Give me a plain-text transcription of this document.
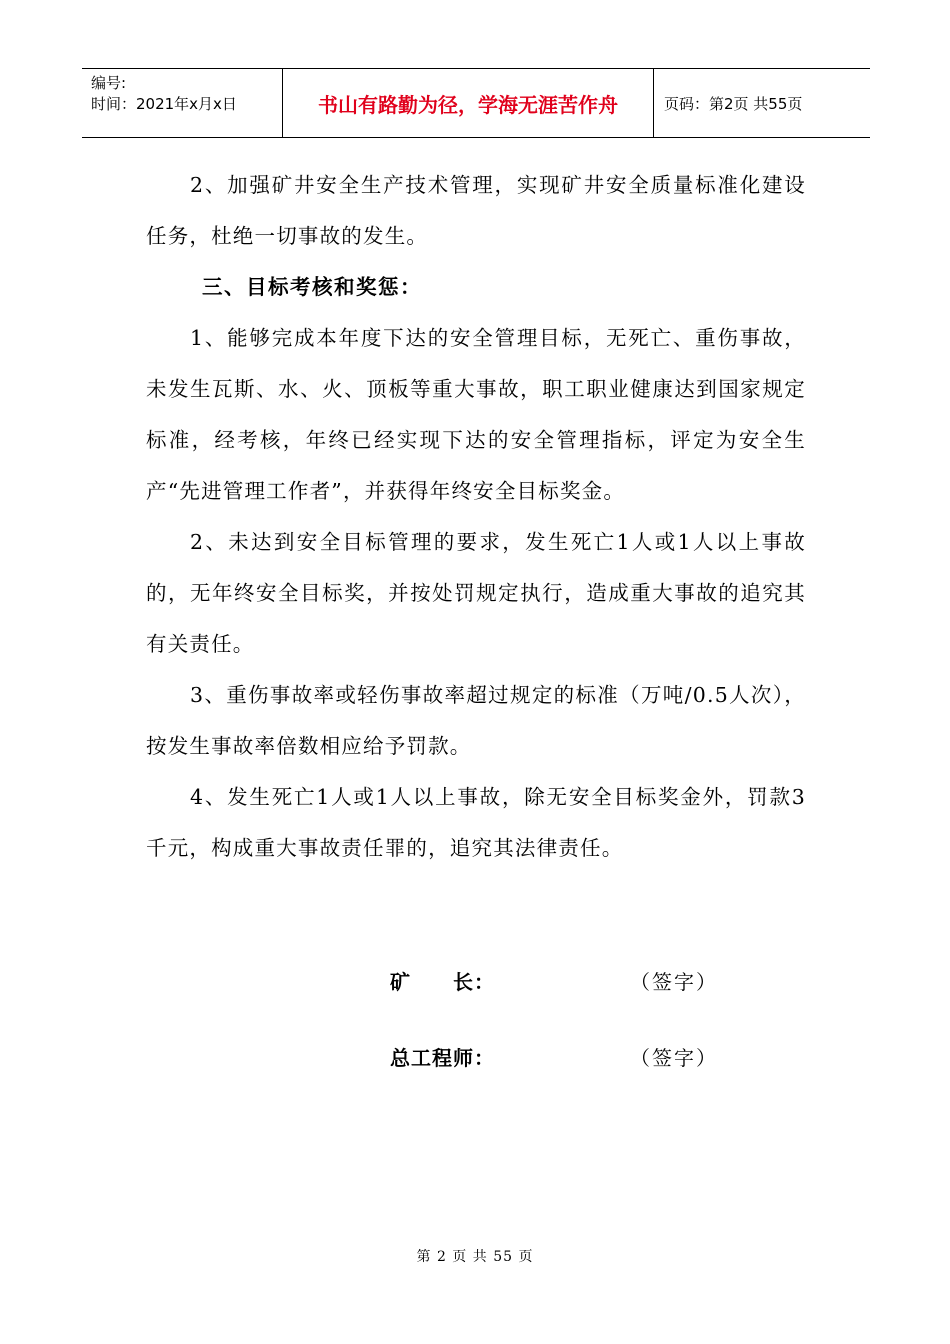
编号:
时间：2021年x月x日	书山有路勤为径，学海无涯苦作舟	页码：第2页 共55页

2、加强矿井安全生产技术管理，实现矿井安全质量标准化建设任务，杜绝一切事故的发生。

三、目标考核和奖惩：

1、能够完成本年度下达的安全管理目标，无死亡、重伤事故，未发生瓦斯、水、火、顶板等重大事故，职工职业健康达到国家规定标准，经考核，年终已经实现下达的安全管理指标，评定为安全生产“先进管理工作者”，并获得年终安全目标奖金。

2、未达到安全目标管理的要求，发生死亡1人或1人以上事故的，无年终安全目标奖，并按处罚规定执行，造成重大事故的追究其有关责任。

3、重伤事故率或轻伤事故率超过规定的标准（万吨/0.5人次），按发生事故率倍数相应给予罚款。

4、发生死亡1人或1人以上事故，除无安全目标奖金外，罚款3千元，构成重大事故责任罪的，追究其法律责任。

矿　　长：	（签字）
总工程师：	（签字）
第 2 页 共 55 页
